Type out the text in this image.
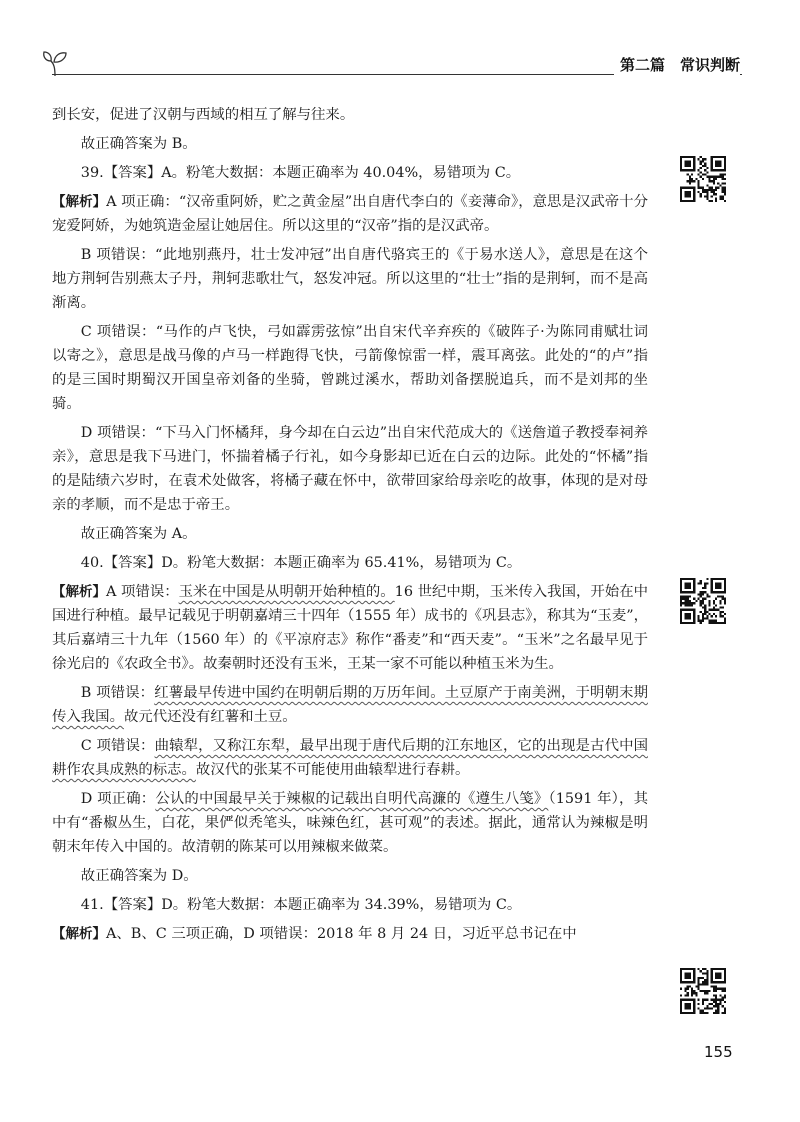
第二篇　常识判断

到长安，促进了汉朝与西域的相互了解与往来。

故正确答案为 B。

39.【答案】A。粉笔大数据：本题正确率为 40.04%，易错项为 C。

【解析】A 项正确：“汉帝重阿娇，贮之黄金屋”出自唐代李白的《妾薄命》，意思是汉武帝十分宠爱阿娇，为她筑造金屋让她居住。所以这里的“汉帝”指的是汉武帝。

B 项错误：“此地别燕丹，壮士发冲冠”出自唐代骆宾王的《于易水送人》，意思是在这个地方荆轲告别燕太子丹，荆轲悲歌壮气，怒发冲冠。所以这里的“壮士”指的是荆轲，而不是高渐离。

C 项错误：“马作的卢飞快，弓如霹雳弦惊”出自宋代辛弃疾的《破阵子·为陈同甫赋壮词以寄之》，意思是战马像的卢马一样跑得飞快，弓箭像惊雷一样，震耳离弦。此处的“的卢”指的是三国时期蜀汉开国皇帝刘备的坐骑，曾跳过溪水，帮助刘备摆脱追兵，而不是刘邦的坐骑。

D 项错误：“下马入门怀橘拜，身今却在白云边”出自宋代范成大的《送詹道子教授奉祠养亲》，意思是我下马进门，怀揣着橘子行礼，如今身影却已近在白云的边际。此处的“怀橘”指的是陆绩六岁时，在袁术处做客，将橘子藏在怀中，欲带回家给母亲吃的故事，体现的是对母亲的孝顺，而不是忠于帝王。

故正确答案为 A。

40.【答案】D。粉笔大数据：本题正确率为 65.41%，易错项为 C。

【解析】A 项错误：玉米在中国是从明朝开始种植的。16 世纪中期，玉米传入我国，开始在中国进行种植。最早记载见于明朝嘉靖三十四年（1555 年）成书的《巩县志》，称其为“玉麦”，其后嘉靖三十九年（1560 年）的《平凉府志》称作“番麦”和“西天麦”。“玉米”之名最早见于徐光启的《农政全书》。故秦朝时还没有玉米，王某一家不可能以种植玉米为生。

B 项错误：红薯最早传进中国约在明朝后期的万历年间。土豆原产于南美洲，于明朝末期传入我国。故元代还没有红薯和土豆。

C 项错误：曲辕犁，又称江东犁，最早出现于唐代后期的江东地区，它的出现是古代中国耕作农具成熟的标志。故汉代的张某不可能使用曲辕犁进行春耕。

D 项正确：公认的中国最早关于辣椒的记载出自明代高濂的《遵生八笺》（1591 年），其中有“番椒丛生，白花，果俨似秃笔头，味辣色红，甚可观”的表述。据此，通常认为辣椒是明朝末年传入中国的。故清朝的陈某可以用辣椒来做菜。

故正确答案为 D。

41.【答案】D。粉笔大数据：本题正确率为 34.39%，易错项为 C。

【解析】A、B、C 三项正确，D 项错误：2018 年 8 月 24 日，习近平总书记在中

155
